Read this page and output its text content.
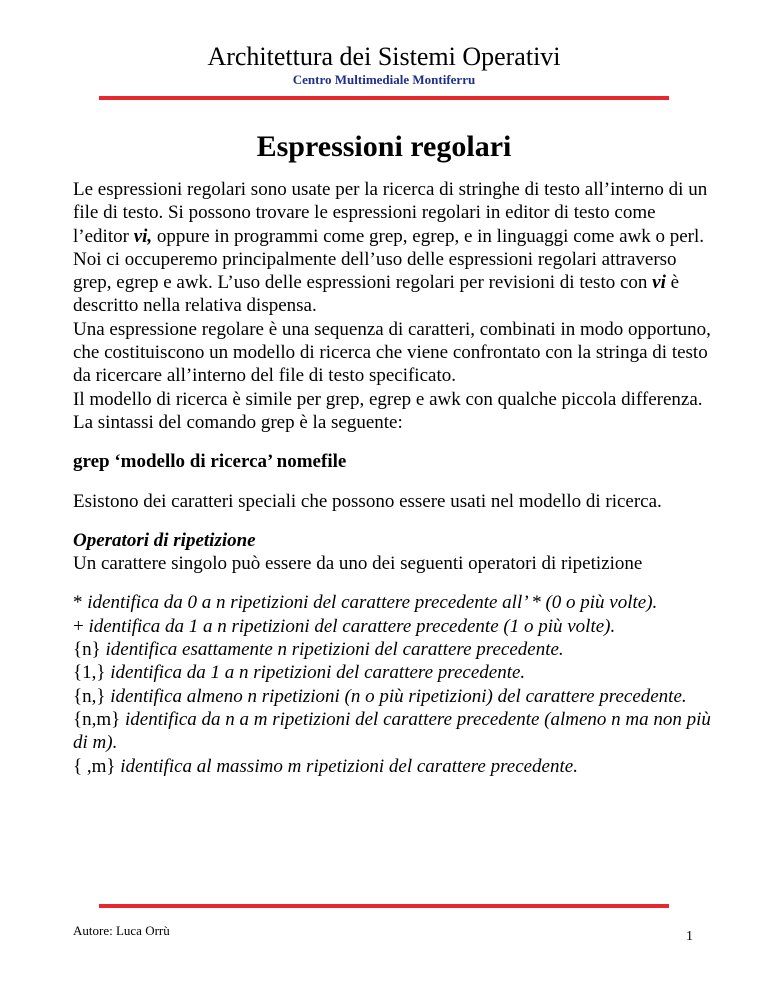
Architettura dei Sistemi Operativi
Centro Multimediale Montiferru
Espressioni regolari

Le espressioni regolari sono usate per la ricerca di stringhe di testo all’interno di un file di testo. Si possono trovare le espressioni regolari in editor di testo come l’editor vi, oppure in programmi come grep, egrep, e in linguaggi come awk o perl. Noi ci occuperemo principalmente dell’uso delle espressioni regolari attraverso grep, egrep e awk. L’uso delle espressioni regolari per revisioni di testo con vi è descritto nella relativa dispensa.

Una espressione regolare è una sequenza di caratteri, combinati in modo opportuno, che costituiscono un modello di ricerca che viene confrontato con la stringa di testo da ricercare all’interno del file di testo specificato.

Il modello di ricerca è simile per grep, egrep e awk con qualche piccola differenza.

La sintassi del comando grep è la seguente:

grep ‘modello di ricerca’ nomefile

Esistono dei caratteri speciali che possono essere usati nel modello di ricerca.

Operatori di ripetizione

Un carattere singolo può essere da uno dei seguenti operatori di ripetizione

* identifica da 0 a n ripetizioni del carattere precedente all’ * (0 o più volte).

+ identifica da 1 a n ripetizioni del carattere precedente (1 o più volte).

{n} identifica esattamente n ripetizioni del carattere precedente.

{1,} identifica da 1 a n ripetizioni del carattere precedente.

{n,} identifica almeno n ripetizioni (n o più ripetizioni) del carattere precedente.

{n,m} identifica da n a m ripetizioni del carattere precedente (almeno n ma non più di m).

{ ,m} identifica al massimo m ripetizioni del carattere precedente.

Autore: Luca Orrù	1
